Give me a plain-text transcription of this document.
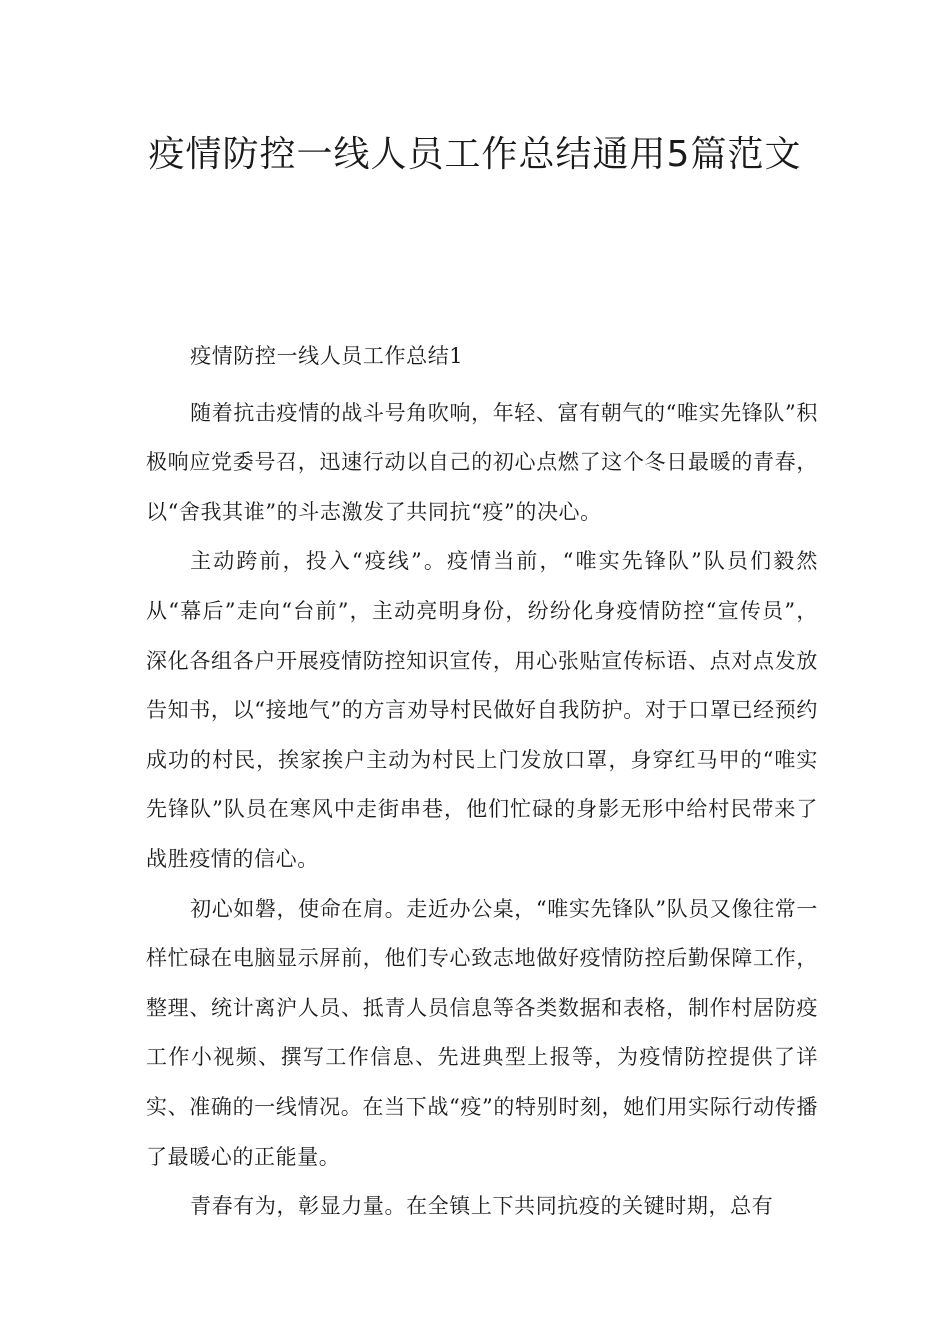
疫情防控一线人员工作总结通用5篇范文

疫情防控一线人员工作总结1

随着抗击疫情的战斗号角吹响，年轻、富有朝气的“唯实先锋队”积极响应党委号召，迅速行动以自己的初心点燃了这个冬日最暖的青春，以“舍我其谁”的斗志激发了共同抗“疫”的决心。

主动跨前，投入“疫线”。疫情当前，“唯实先锋队”队员们毅然从“幕后”走向“台前”，主动亮明身份，纷纷化身疫情防控“宣传员”，深化各组各户开展疫情防控知识宣传，用心张贴宣传标语、点对点发放告知书，以“接地气”的方言劝导村民做好自我防护。对于口罩已经预约成功的村民，挨家挨户主动为村民上门发放口罩，身穿红马甲的“唯实先锋队”队员在寒风中走街串巷，他们忙碌的身影无形中给村民带来了战胜疫情的信心。

初心如磐，使命在肩。走近办公桌，“唯实先锋队”队员又像往常一样忙碌在电脑显示屏前，他们专心致志地做好疫情防控后勤保障工作，整理、统计离沪人员、抵青人员信息等各类数据和表格，制作村居防疫工作小视频、撰写工作信息、先进典型上报等，为疫情防控提供了详实、准确的一线情况。在当下战“疫”的特别时刻，她们用实际行动传播了最暖心的正能量。

青春有为，彰显力量。在全镇上下共同抗疫的关键时期，总有
